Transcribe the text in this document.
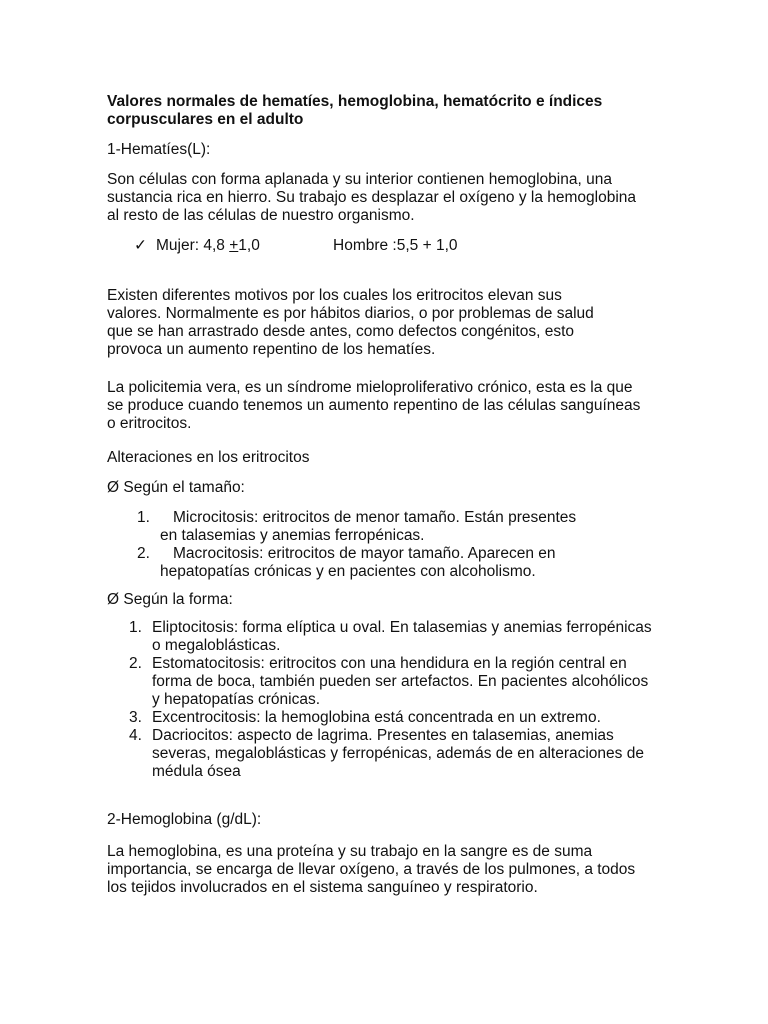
Valores normales de hematíes, hemoglobina, hematócrito e índices corpusculares en el adulto

1-Hematíes(L):

Son células con forma aplanada y su interior contienen hemoglobina, una sustancia rica en hierro. Su trabajo es desplazar el oxígeno y la hemoglobina al resto de las células de nuestro organismo.

✓ Mujer: 4,8 +1,0	Hombre :5,5 + 1,0

Existen diferentes motivos por los cuales los eritrocitos elevan sus valores. Normalmente es por hábitos diarios, o por problemas de salud que se han arrastrado desde antes, como defectos congénitos, esto provoca un aumento repentino de los hematíes.

La policitemia vera, es un síndrome mieloproliferativo crónico, esta es la que se produce cuando tenemos un aumento repentino de las células sanguíneas o eritrocitos.

Alteraciones en los eritrocitos

Ø Según el tamaño:

1. Microcitosis: eritrocitos de menor tamaño. Están presentes en talasemias y anemias ferropénicas.
2. Macrocitosis: eritrocitos de mayor tamaño. Aparecen en hepatopatías crónicas y en pacientes con alcoholismo.

Ø Según la forma:

1. Eliptocitosis: forma elíptica u oval. En talasemias y anemias ferropénicas o megaloblásticas.
2. Estomatocitosis: eritrocitos con una hendidura en la región central en forma de boca, también pueden ser artefactos. En pacientes alcohólicos y hepatopatías crónicas.
3. Excentrocitosis: la hemoglobina está concentrada en un extremo.
4. Dacriocitos: aspecto de lagrima. Presentes en talasemias, anemias severas, megaloblásticas y ferropénicas, además de en alteraciones de médula ósea

2-Hemoglobina (g/dL):

La hemoglobina, es una proteína y su trabajo en la sangre es de suma importancia, se encarga de llevar oxígeno, a través de los pulmones, a todos los tejidos involucrados en el sistema sanguíneo y respiratorio.
